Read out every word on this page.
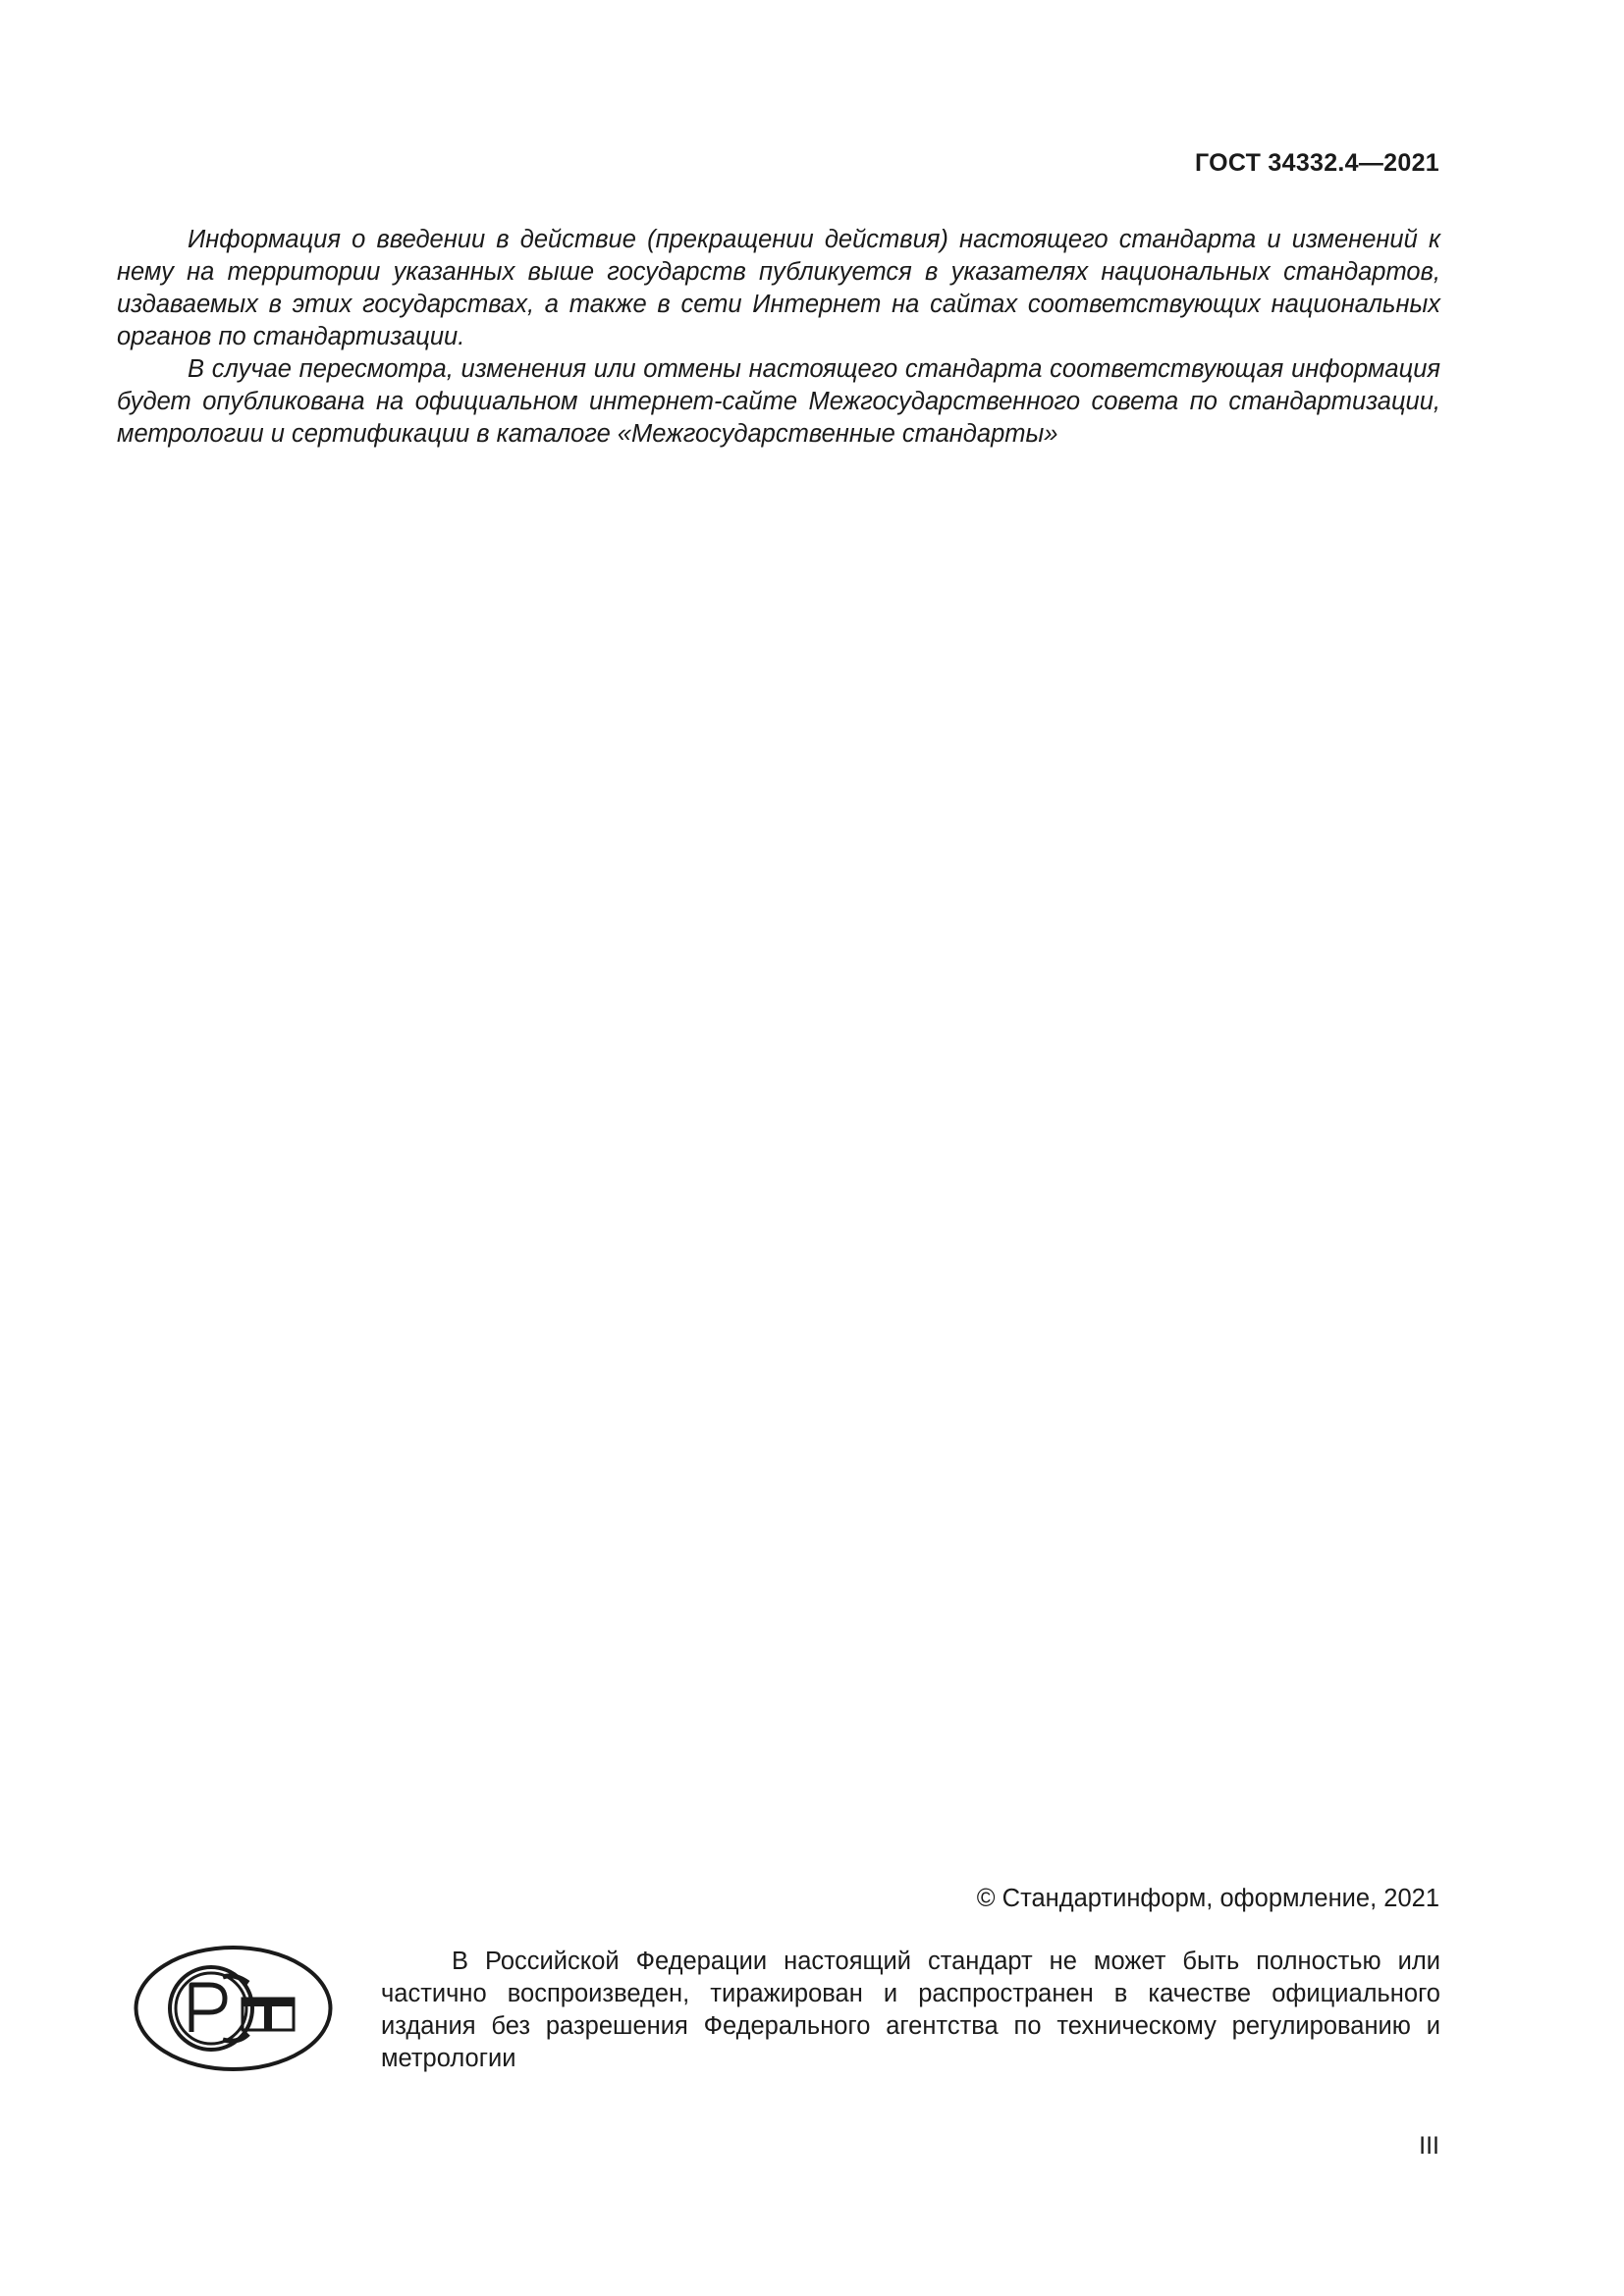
ГОСТ 34332.4—2021

Информация о введении в действие (прекращении действия) настоящего стандарта и изменений к нему на территории указанных выше государств публикуется в указателях национальных стандартов, издаваемых в этих государствах, а также в сети Интернет на сайтах соответствующих национальных органов по стандартизации.

В случае пересмотра, изменения или отмены настоящего стандарта соответствующая информация будет опубликована на официальном интернет-сайте Межгосударственного совета по стандартизации, метрологии и сертификации в каталоге «Межгосударственные стандарты»

© Стандартинформ, оформление, 2021

В Российской Федерации настоящий стандарт не может быть полностью или частично воспроизведен, тиражирован и распространен в качестве официального издания без разрешения Федерального агентства по техническому регулированию и метрологии

III
